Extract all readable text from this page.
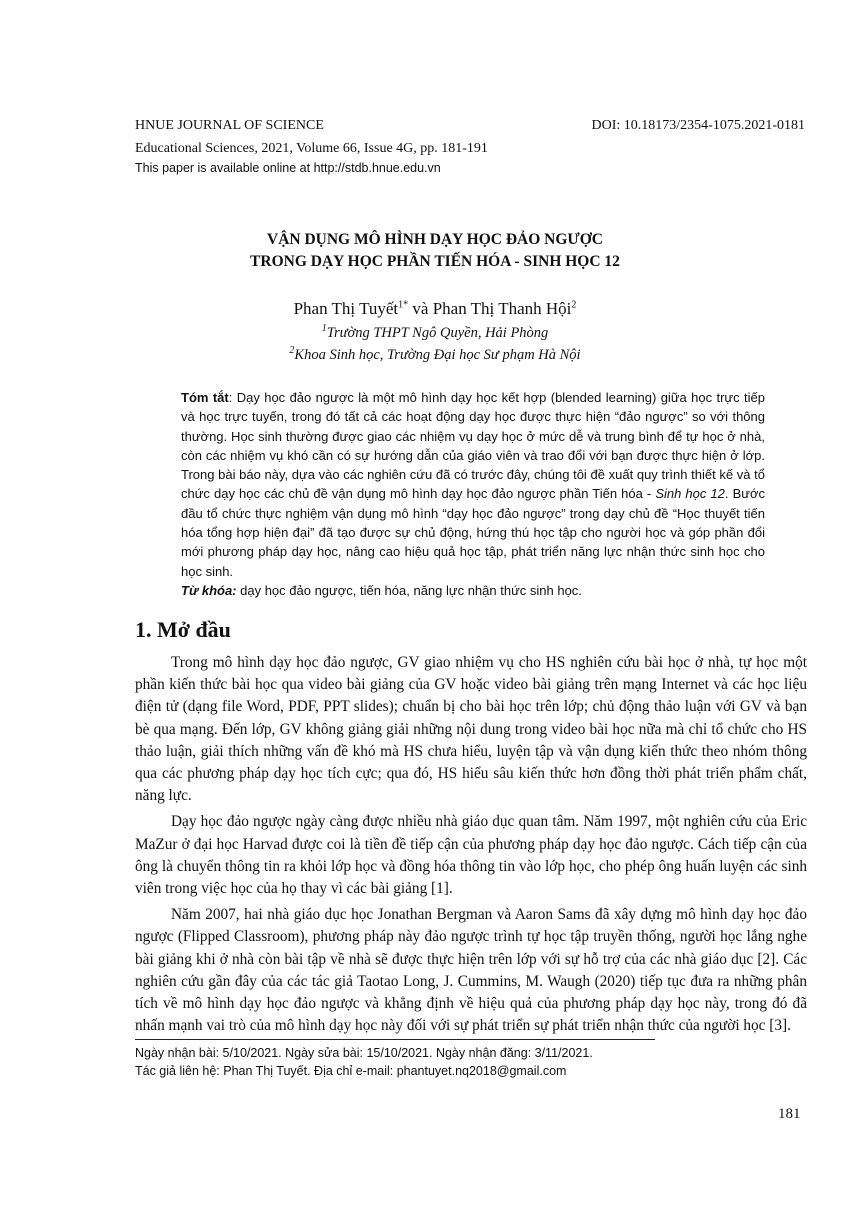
HNUE JOURNAL OF SCIENCE	DOI: 10.18173/2354-1075.2021-0181
Educational Sciences, 2021, Volume 66, Issue 4G, pp. 181-191
This paper is available online at http://stdb.hnue.edu.vn
VẬN DỤNG MÔ HÌNH DẠY HỌC ĐẢO NGƯỢC
TRONG DẠY HỌC PHẦN TIẾN HÓA - SINH HỌC 12
Phan Thị Tuyết$^{1*}$ và Phan Thị Thanh Hội$^2$
$^1$Trường THPT Ngô Quyền, Hải Phòng
$^2$Khoa Sinh học, Trường Đại học Sư phạm Hà Nội

Tóm tắt: Dạy học đảo ngược là một mô hình dạy học kết hợp (blended learning) giữa học trực tiếp và học trực tuyến, trong đó tất cả các hoạt động dạy học được thực hiện “đảo ngược” so với thông thường. Học sinh thường được giao các nhiệm vụ dạy học ở mức dễ và trung bình để tự học ở nhà, còn các nhiệm vụ khó cần có sự hướng dẫn của giáo viên và trao đổi với bạn được thực hiện ở lớp. Trong bài báo này, dựa vào các nghiên cứu đã có trước đây, chúng tôi đề xuất quy trình thiết kế và tổ chức dạy học các chủ đề vận dụng mô hình dạy học đảo ngược phần Tiến hóa - Sinh học 12. Bước đầu tổ chức thực nghiệm vận dụng mô hình “dạy học đảo ngược” trong dạy chủ đề “Học thuyết tiến hóa tổng hợp hiện đại” đã tạo được sự chủ động, hứng thú học tập cho người học và góp phần đổi mới phương pháp dạy học, nâng cao hiệu quả học tập, phát triển năng lực nhận thức sinh học cho học sinh.

Từ khóa: dạy học đảo ngược, tiến hóa, năng lực nhận thức sinh học.

1. Mở đầu

Trong mô hình dạy học đảo ngược, GV giao nhiệm vụ cho HS nghiên cứu bài học ở nhà, tự học một phần kiến thức bài học qua video bài giảng của GV hoặc video bài giảng trên mạng Internet và các học liệu điện tử (dạng file Word, PDF, PPT slides); chuẩn bị cho bài học trên lớp; chủ động thảo luận với GV và bạn bè qua mạng. Đến lớp, GV không giảng giải những nội dung trong video bài học nữa mà chỉ tổ chức cho HS thảo luận, giải thích những vấn đề khó mà HS chưa hiểu, luyện tập và vận dụng kiến thức theo nhóm thông qua các phương pháp dạy học tích cực; qua đó, HS hiểu sâu kiến thức hơn đồng thời phát triển phẩm chất, năng lực.

Dạy học đảo ngược ngày càng được nhiều nhà giáo dục quan tâm. Năm 1997, một nghiên cứu của Eric MaZur ở đại học Harvad được coi là tiền đề tiếp cận của phương pháp dạy học đảo ngược. Cách tiếp cận của ông là chuyển thông tin ra khỏi lớp học và đồng hóa thông tin vào lớp học, cho phép ông huấn luyện các sinh viên trong việc học của họ thay vì các bài giảng [1].

Năm 2007, hai nhà giáo dục học Jonathan Bergman và Aaron Sams đã xây dựng mô hình dạy học đảo ngược (Flipped Classroom), phương pháp này đảo ngược trình tự học tập truyền thống, người học lắng nghe bài giảng khi ở nhà còn bài tập về nhà sẽ được thực hiện trên lớp với sự hỗ trợ của các nhà giáo dục [2]. Các nghiên cứu gần đây của các tác giả Taotao Long, J. Cummins, M. Waugh (2020) tiếp tục đưa ra những phân tích về mô hình dạy học đảo ngược và khẳng định về hiệu quả của phương pháp dạy học này, trong đó đã nhấn mạnh vai trò của mô hình dạy học này đối với sự phát triển sự phát triển nhận thức của người học [3].

Ngày nhận bài: 5/10/2021. Ngày sửa bài: 15/10/2021. Ngày nhận đăng: 3/11/2021.
Tác giả liên hệ: Phan Thị Tuyết. Địa chỉ e-mail: phantuyet.nq2018@gmail.com
181
